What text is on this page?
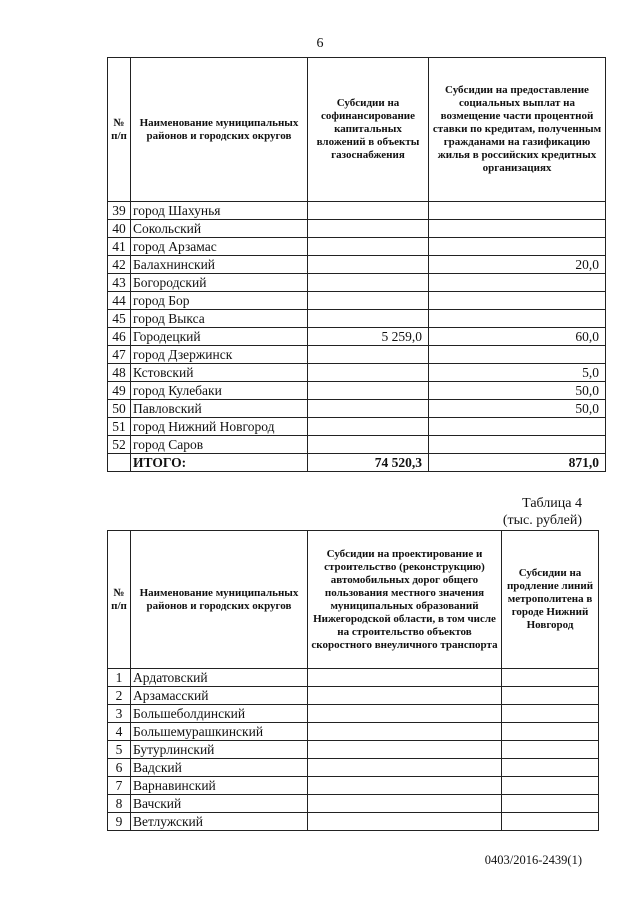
6
№ п/п	Наименование муниципальных районов и городских округов	Субсидии на софинансирование капитальных вложений в объекты газоснабжения	Субсидии на предоставление социальных выплат на возмещение части процентной ставки по кредитам, полученным гражданами на газификацию жилья в российских кредитных организациях
39	город Шахунья		
40	Сокольский		
41	город Арзамас		
42	Балахнинский		20,0
43	Богородский		
44	город Бор		
45	город Выкса		
46	Городецкий	5 259,0	60,0
47	город Дзержинск		
48	Кстовский		5,0
49	город Кулебаки		50,0
50	Павловский		50,0
51	город Нижний Новгород		
52	город Саров		
	ИТОГО:	74 520,3	871,0
Таблица 4
(тыс. рублей)
№ п/п	Наименование муниципальных районов и городских округов	Субсидии на проектирование и строительство (реконструкцию) автомобильных дорог общего пользования местного значения муниципальных образований Нижегородской области, в том числе на строительство объектов скоростного внеуличного транспорта	Субсидии на продление линий метрополитена в городе Нижний Новгород
1	Ардатовский		
2	Арзамасский		
3	Большеболдинский		
4	Большемурашкинский		
5	Бутурлинский		
6	Вадский		
7	Варнавинский		
8	Вачский		
9	Ветлужский		
0403/2016-2439(1)
